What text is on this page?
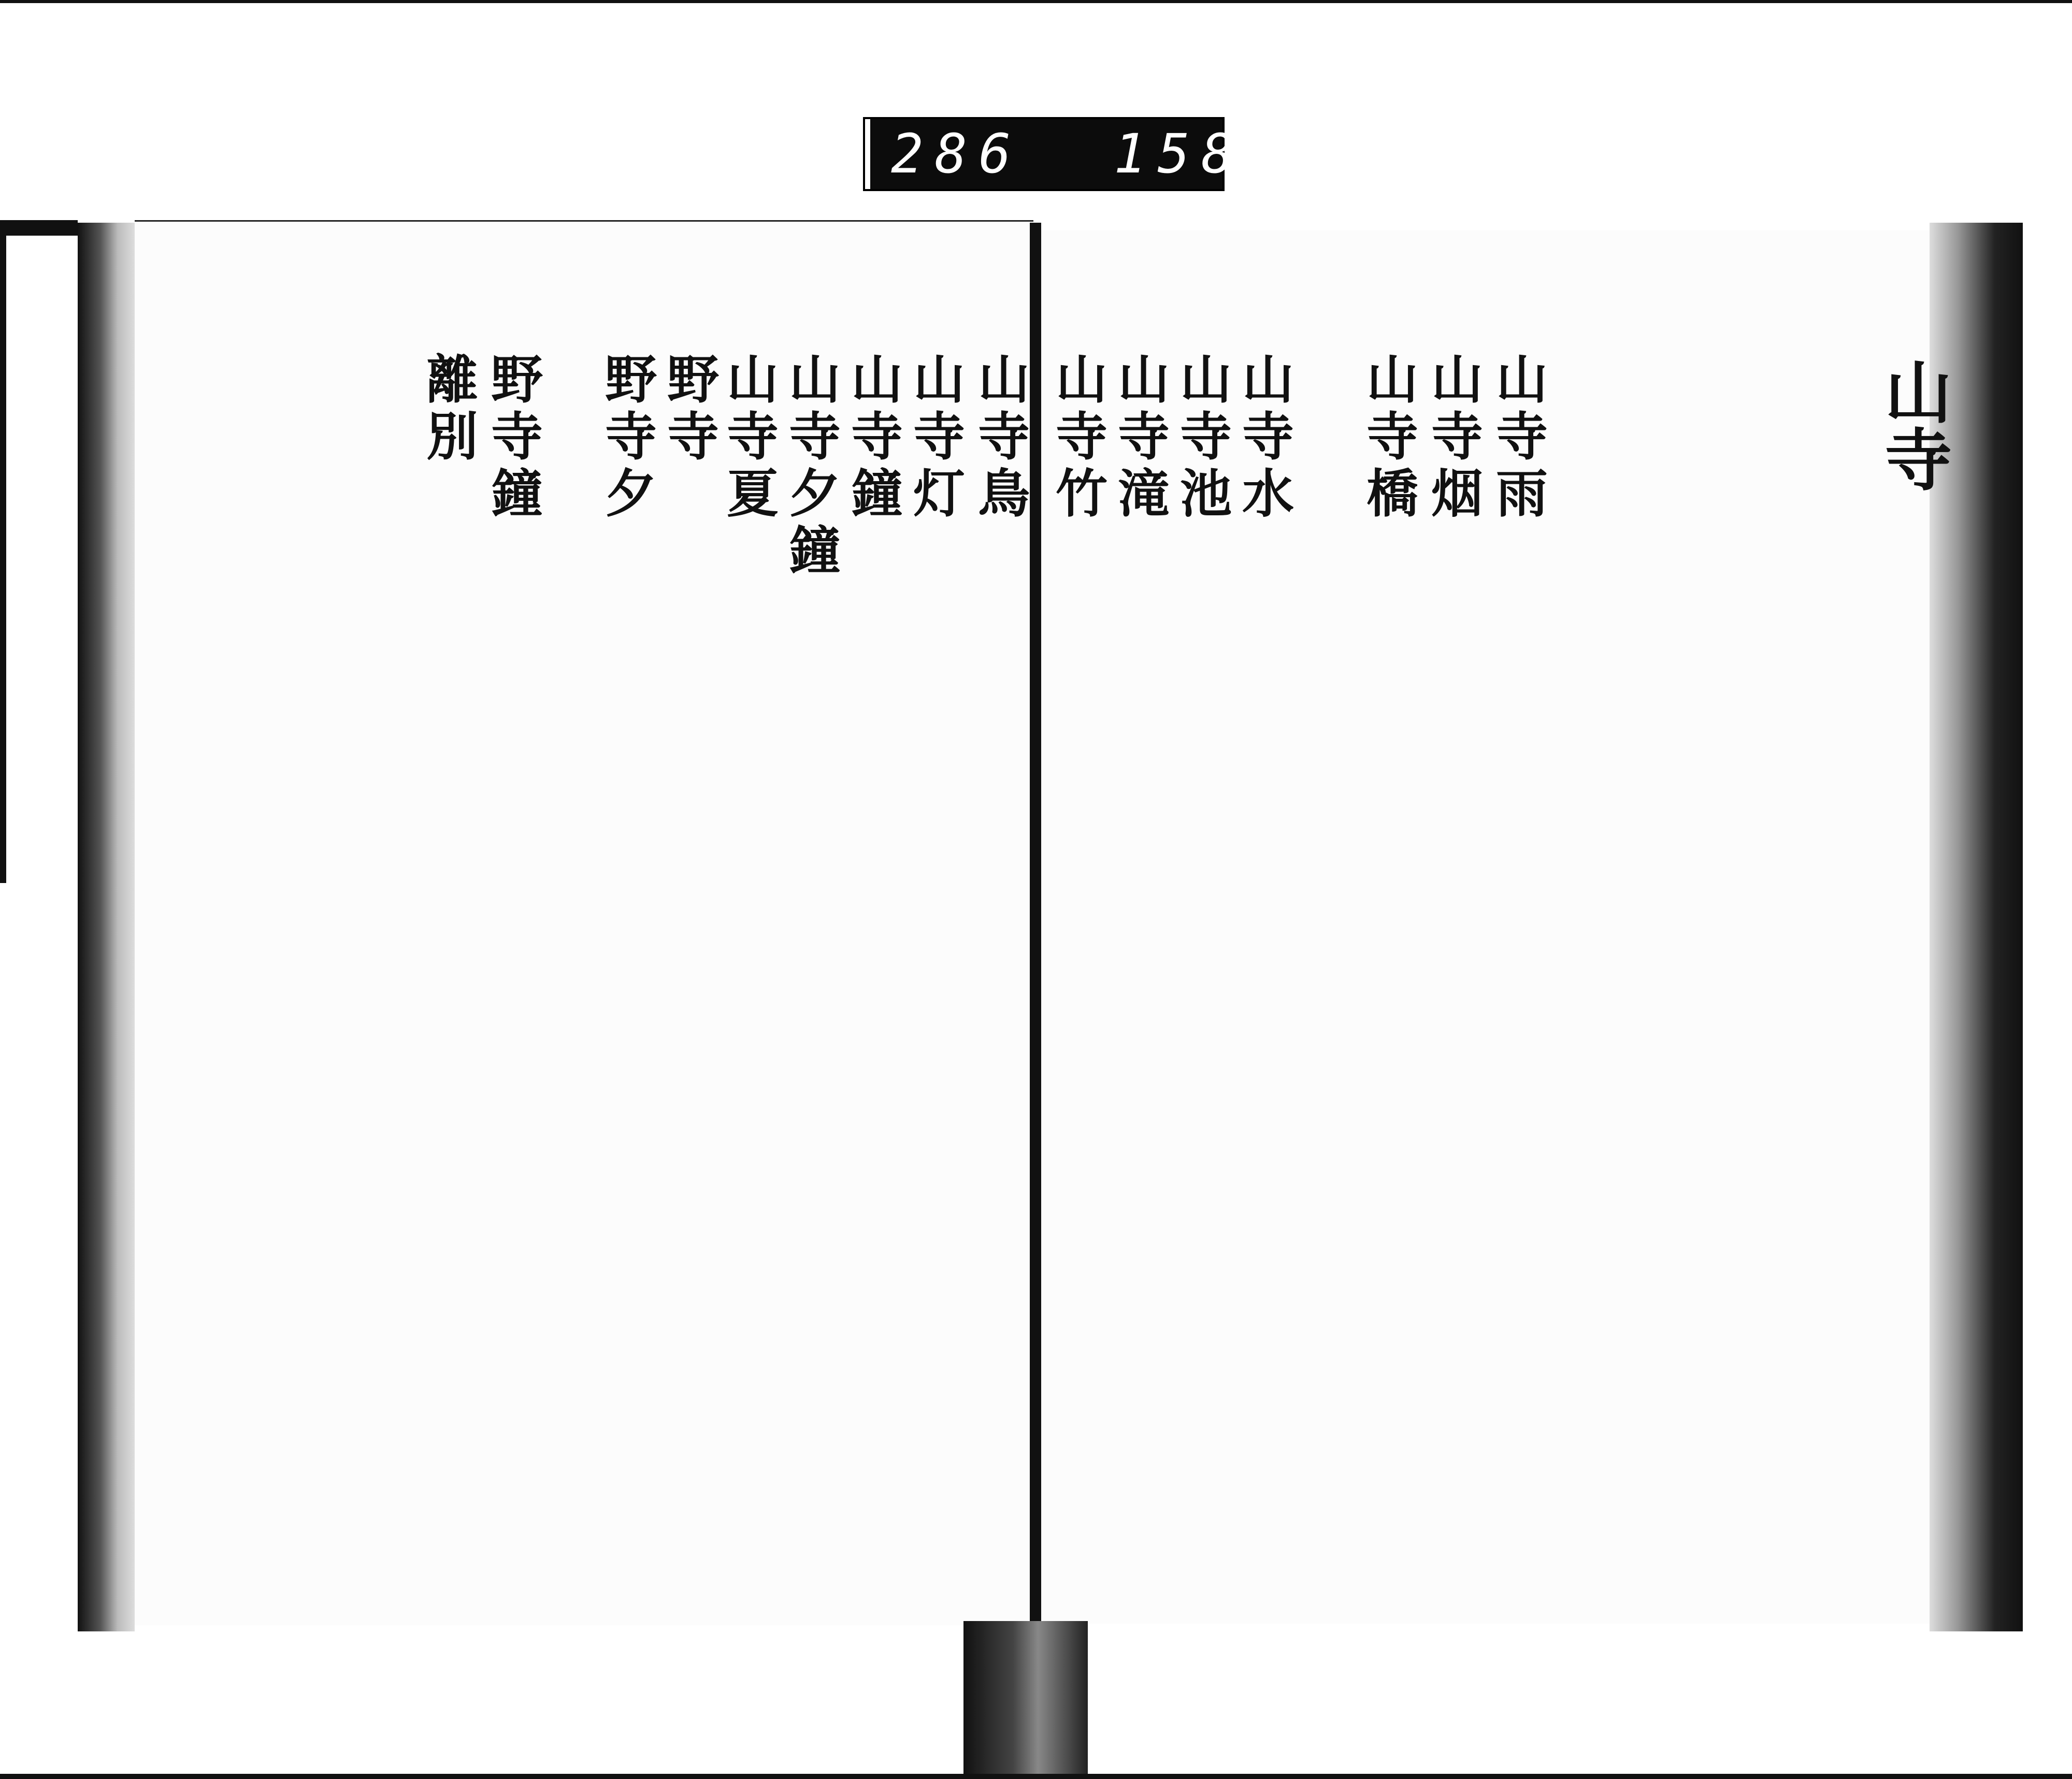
286 158
山寺
山寺雨
山寺烟
山寺橋
山寺水
山寺池
山寺滝
山寺竹
山寺鳥
山寺灯
山寺鐘
山寺夕鐘
山寺夏
野寺
野寺夕
野寺鐘
離別
